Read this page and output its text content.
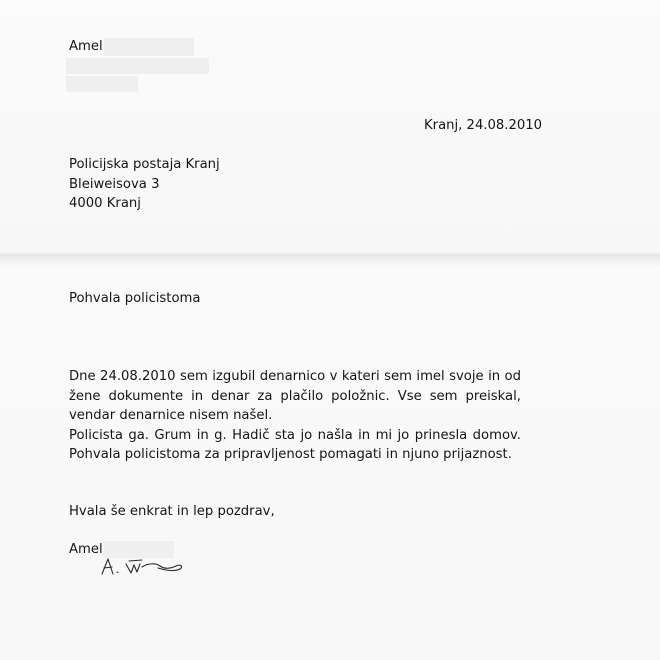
Amel
Kranj, 24.08.2010
Policijska postaja Kranj
Bleiweisova 3
4000 Kranj
Pohvala policistoma

Dne 24.08.2010 sem izgubil denarnico v kateri sem imel svoje in od žene dokumente in denar za plačilo položnic. Vse sem preiskal, vendar denarnice nisem našel.

Policista ga. Grum in g. Hadič sta jo našla in mi jo prinesla domov. Pohvala policistoma za pripravljenost pomagati in njuno prijaznost.

Hvala še enkrat in lep pozdrav,
Amel
